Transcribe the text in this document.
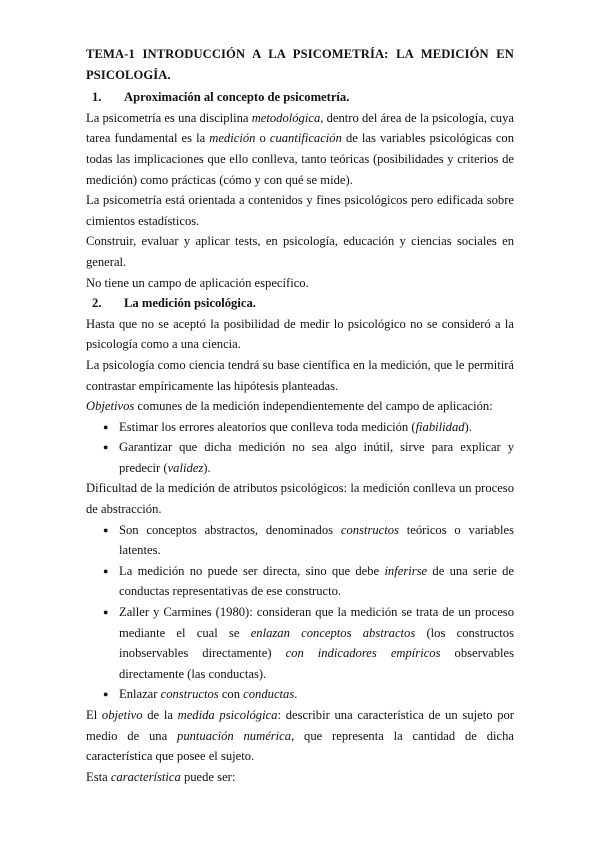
TEMA-1 INTRODUCCIÓN A LA PSICOMETRÍA: LA MEDICIÓN EN PSICOLOGÍA.

1.	Aproximación al concepto de psicometría.

La psicometría es una disciplina metodológica, dentro del área de la psicología, cuya tarea fundamental es la medición o cuantificación de las variables psicológicas con todas las implicaciones que ello conlleva, tanto teóricas (posibilidades y criterios de medición) como prácticas (cómo y con qué se mide).

La psicometría está orientada a contenidos y fines psicológicos pero edificada sobre cimientos estadísticos.

Construir, evaluar y aplicar tests, en psicología, educación y ciencias sociales en general.

No tiene un campo de aplicación específico.

2.	La medición psicológica.

Hasta que no se aceptó la posibilidad de medir lo psicológico no se consideró a la psicología como a una ciencia.

La psicología como ciencia tendrá su base científica en la medición, que le permitirá contrastar empíricamente las hipótesis planteadas.

Objetivos comunes de la medición independientemente del campo de aplicación:

● Estimar los errores aleatorios que conlleva toda medición (fiabilidad).
● Garantizar que dicha medición no sea algo inútil, sirve para explicar y predecir (validez).

Dificultad de la medición de atributos psicológicos: la medición conlleva un proceso de abstracción.

● Son conceptos abstractos, denominados constructos teóricos o variables latentes.
● La medición no puede ser directa, sino que debe inferirse de una serie de conductas representativas de ese constructo.
● Zaller y Carmines (1980): consideran que la medición se trata de un proceso mediante el cual se enlazan conceptos abstractos (los constructos inobservables directamente) con indicadores empíricos observables directamente (las conductas).
● Enlazar constructos con conductas.

El objetivo de la medida psicológica: describir una característica de un sujeto por medio de una puntuación numérica, que representa la cantidad de dicha característica que posee el sujeto.

Esta característica puede ser:
